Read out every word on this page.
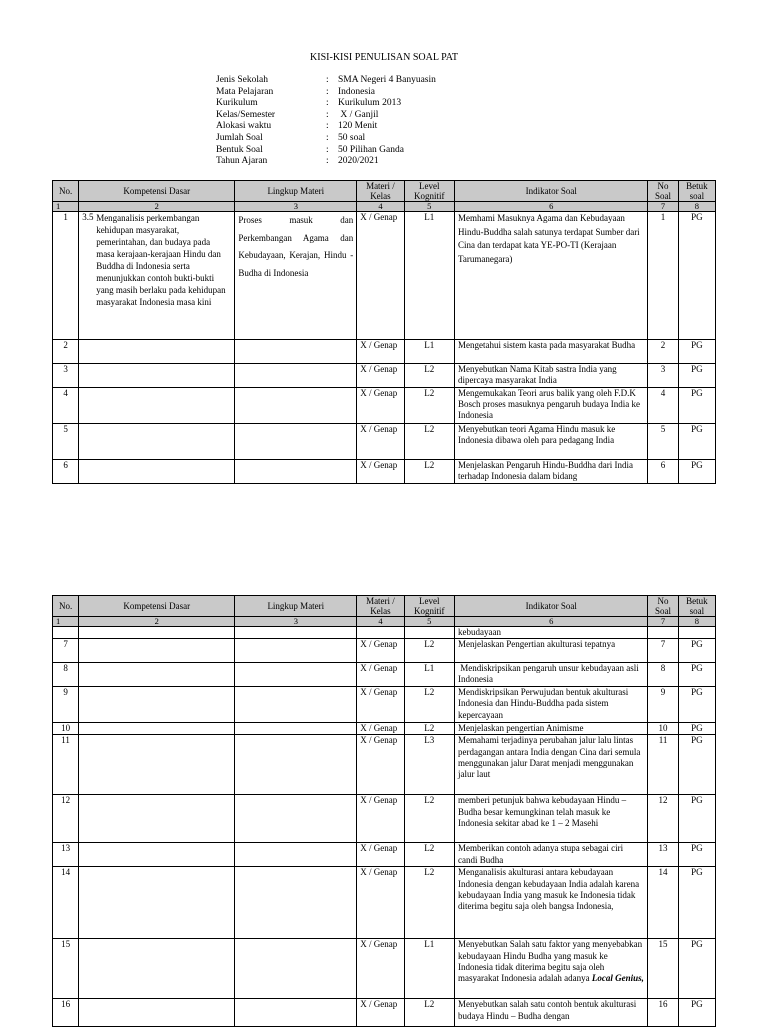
KISI-KISI PENULISAN SOAL PAT
Jenis Sekolah	: SMA Negeri 4 Banyuasin
Mata Pelajaran	: Indonesia
Kurikulum	: Kurikulum 2013
Kelas/Semester	: X / Ganjil
Alokasi waktu	: 120 Menit
Jumlah Soal	: 50 soal
Bentuk Soal	: 50 Pilihan Ganda
Tahun Ajaran	: 2020/2021
No.	Kompetensi Dasar	Lingkup Materi	Materi / Kelas	Level Kognitif	Indikator Soal	No Soal	Betuk soal
1	2	3	4	5	6	7	8
1	3.5 Menganalisis perkembangan kehidupan masyarakat, pemerintahan, dan budaya pada masa kerajaan-kerajaan Hindu dan Buddha di Indonesia serta menunjukkan contoh bukti-bukti yang masih berlaku pada kehidupan masyarakat Indonesia masa kini	Proses masuk dan Perkembangan Agama dan Kebudayaan, Kerajan, Hindu - Budha di Indonesia	X / Genap	L1	Memhami Masuknya Agama dan Kebudayaan Hindu-Buddha salah satunya terdapat Sumber dari Cina dan terdapat kata YE-PO-TI (Kerajaan Tarumanegara)	1	PG
2			X / Genap	L1	Mengetahui sistem kasta pada masyarakat Budha	2	PG
3			X / Genap	L2	Menyebutkan Nama Kitab sastra India yang dipercaya masyarakat India	3	PG
4			X / Genap	L2	Mengemukakan Teori arus balik yang oleh F.D.K Bosch proses masuknya pengaruh budaya India ke Indonesia	4	PG
5			X / Genap	L2	Menyebutkan teori Agama Hindu masuk ke Indonesia dibawa oleh para pedagang India	5	PG
6			X / Genap	L2	Menjelaskan Pengaruh Hindu-Buddha dari India terhadap Indonesia dalam bidang	6	PG
No.	Kompetensi Dasar	Lingkup Materi	Materi / Kelas	Level Kognitif	Indikator Soal	No Soal	Betuk soal
1	2	3	4	5	6	7	8
					kebudayaan		
7			X / Genap	L2	Menjelaskan Pengertian akulturasi tepatnya	7	PG
8			X / Genap	L1	Mendiskripsikan pengaruh unsur kebudayaan asli Indonesia	8	PG
9			X / Genap	L2	Mendiskripsikan Perwujudan bentuk akulturasi Indonesia dan Hindu-Buddha pada sistem kepercayaan	9	PG
10			X / Genap	L2	Menjelaskan pengertian Animisme	10	PG
11			X / Genap	L3	Memahami terjadinya perubahan jalur lalu lintas perdagangan antara India dengan Cina dari semula menggunakan jalur Darat menjadi menggunakan jalur laut	11	PG
12			X / Genap	L2	memberi petunjuk bahwa kebudayaan Hindu – Budha besar kemungkinan telah masuk ke Indonesia sekitar abad ke 1 – 2 Masehi	12	PG
13			X / Genap	L2	Memberikan contoh adanya stupa sebagai ciri candi Budha	13	PG
14			X / Genap	L2	Menganalisis akulturasi antara kebudayaan Indonesia dengan kebudayaan India adalah karena kebudayaan India yang masuk ke Indonesia tidak diterima begitu saja oleh bangsa Indonesia,	14	PG
15			X / Genap	L1	Menyebutkan Salah satu faktor yang menyebabkan kebudayaan Hindu Budha yang masuk ke Indonesia tidak diterima begitu saja oleh masyarakat Indonesia adalah adanya Local Genius,	15	PG
16			X / Genap	L2	Menyebutkan salah satu contoh bentuk akulturasi budaya Hindu – Budha dengan	16	PG
